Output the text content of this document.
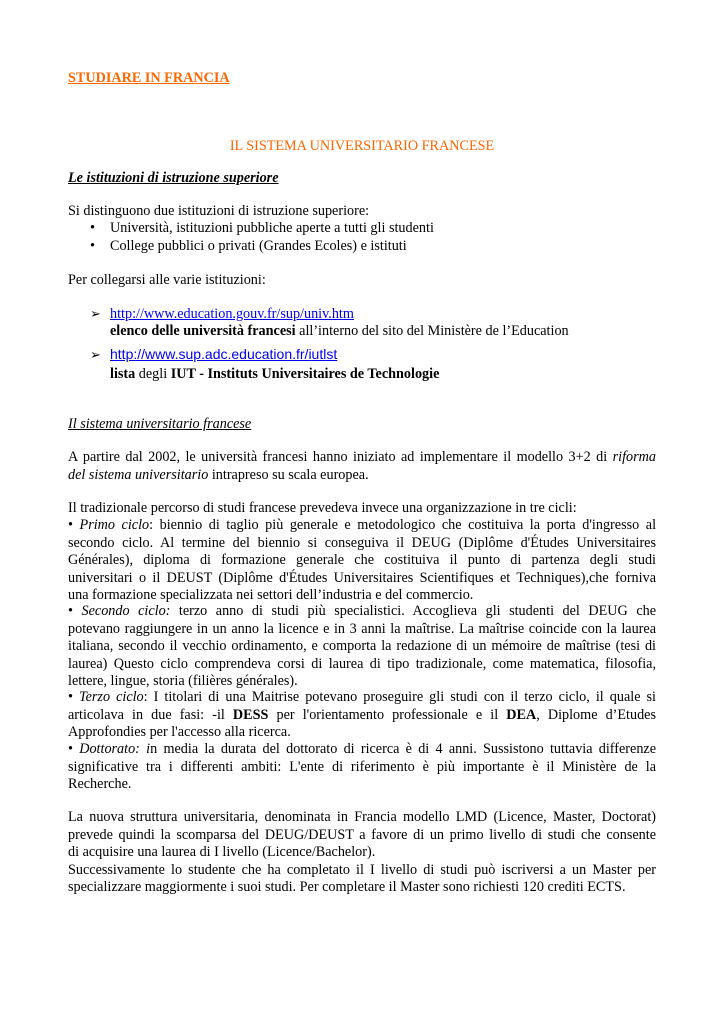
STUDIARE IN FRANCIA
IL SISTEMA UNIVERSITARIO FRANCESE
Le istituzioni di istruzione superiore
Si distinguono due istituzioni di istruzione superiore:
• Università, istituzioni pubbliche aperte a tutti gli studenti
• College pubblici o privati (Grandes Ecoles) e istituti
Per collegarsi alle varie istituzioni:
➢ http://www.education.gouv.fr/sup/univ.htm
elenco delle università francesi all’interno del sito del Ministère de l’Education
➢ http://www.sup.adc.education.fr/iutlst
lista degli IUT - Instituts Universitaires de Technologie
Il sistema universitario francese
A partire dal 2002, le università francesi hanno iniziato ad implementare il modello 3+2 di riforma
del sistema universitario intrapreso su scala europea.
Il tradizionale percorso di studi francese prevedeva invece una organizzazione in tre cicli:
• Primo ciclo: biennio di taglio più generale e metodologico che costituiva la porta d'ingresso al
secondo ciclo. Al termine del biennio si conseguiva il DEUG (Diplôme d'Études Universitaires
Générales), diploma di formazione generale che costituiva il punto di partenza degli studi
universitari o il DEUST (Diplôme d'Études Universitaires Scientifiques et Techniques),che forniva
una formazione specializzata nei settori dell’industria e del commercio.
• Secondo ciclo: terzo anno di studi più specialistici. Accoglieva gli studenti del DEUG che
potevano raggiungere in un anno la licence e in 3 anni la maîtrise. La maîtrise coincide con la laurea
italiana, secondo il vecchio ordinamento, e comporta la redazione di un mémoire de maîtrise (tesi di
laurea) Questo ciclo comprendeva corsi di laurea di tipo tradizionale, come matematica, filosofia,
lettere, lingue, storia (filières générales).
• Terzo ciclo: I titolari di una Maitrise potevano proseguire gli studi con il terzo ciclo, il quale si
articolava in due fasi: -il DESS per l'orientamento professionale e il DEA, Diplome d’Etudes
Approfondies per l'accesso alla ricerca.
• Dottorato: in media la durata del dottorato di ricerca è di 4 anni. Sussistono tuttavia differenze
significative tra i differenti ambiti: L'ente di riferimento è più importante è il Ministère de la
Recherche.
La nuova struttura universitaria, denominata in Francia modello LMD (Licence, Master, Doctorat)
prevede quindi la scomparsa del DEUG/DEUST a favore di un primo livello di studi che consente
di acquisire una laurea di I livello (Licence/Bachelor).
Successivamente lo studente che ha completato il I livello di studi può iscriversi a un Master per
specializzare maggiormente i suoi studi. Per completare il Master sono richiesti 120 crediti ECTS.
